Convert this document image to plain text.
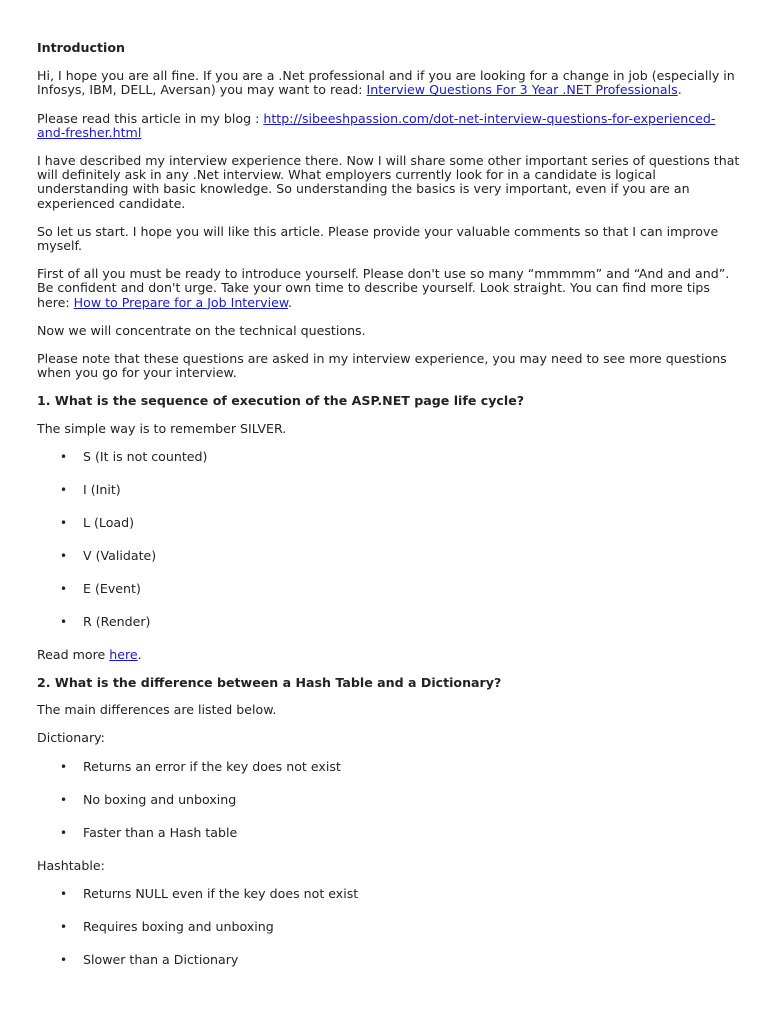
Introduction

Hi, I hope you are all fine. If you are a .Net professional and if you are looking for a change in job (especially in Infosys, IBM, DELL, Aversan) you may want to read: Interview Questions For 3 Year .NET Professionals.

Please read this article in my blog : http://sibeeshpassion.com/dot-net-interview-questions-for-experienced-and-fresher.html

I have described my interview experience there. Now I will share some other important series of questions that will definitely ask in any .Net interview. What employers currently look for in a candidate is logical understanding with basic knowledge. So understanding the basics is very important, even if you are an experienced candidate.

So let us start. I hope you will like this article. Please provide your valuable comments so that I can improve myself.

First of all you must be ready to introduce yourself. Please don't use so many “mmmmm” and “And and and”. Be confident and don't urge. Take your own time to describe yourself. Look straight. You can find more tips here: How to Prepare for a Job Interview.

Now we will concentrate on the technical questions.

Please note that these questions are asked in my interview experience, you may need to see more questions when you go for your interview.

1. What is the sequence of execution of the ASP.NET page life cycle?

The simple way is to remember SILVER.

• S (It is not counted)
• I (Init)
• L (Load)
• V (Validate)
• E (Event)
• R (Render)

Read more here.

2. What is the difference between a Hash Table and a Dictionary?

The main differences are listed below.

Dictionary:

• Returns an error if the key does not exist
• No boxing and unboxing
• Faster than a Hash table

Hashtable:

• Returns NULL even if the key does not exist
• Requires boxing and unboxing
• Slower than a Dictionary
